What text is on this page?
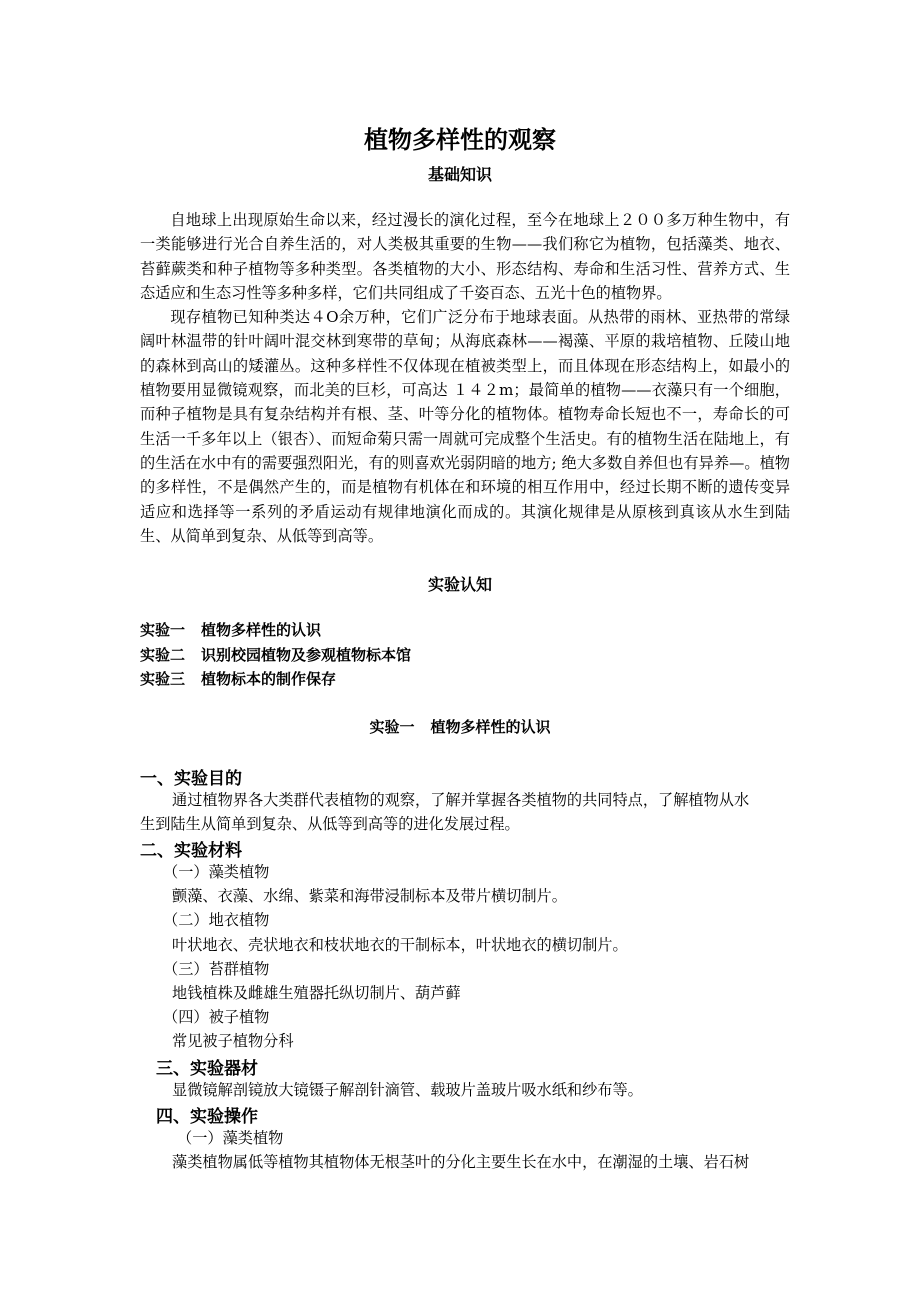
植物多样性的观察
基础知识

自地球上出现原始生命以来，经过漫长的演化过程，至今在地球上２００多万种生物中，有一类能够进行光合自养生活的，对人类极其重要的生物——我们称它为植物，包括藻类、地衣、苔藓蕨类和种子植物等多种类型。各类植物的大小、形态结构、寿命和生活习性、营养方式、生态适应和生态习性等多种多样，它们共同组成了千姿百态、五光十色的植物界。

现存植物已知种类达４O余万种，它们广泛分布于地球表面。从热带的雨林、亚热带的常绿阔叶林温带的针叶阔叶混交林到寒带的草甸；从海底森林——褐藻、平原的栽培植物、丘陵山地的森林到高山的矮灌丛。这种多样性不仅体现在植被类型上，而且体现在形态结构上，如最小的植物要用显微镜观察，而北美的巨杉，可高达 １４２m；最简单的植物——衣藻只有一个细胞，而种子植物是具有复杂结构并有根、茎、叶等分化的植物体。植物寿命长短也不一，寿命长的可生活一千多年以上（银杏）、而短命菊只需一周就可完成整个生活史。有的植物生活在陆地上，有的生活在水中有的需要强烈阳光，有的则喜欢光弱阴暗的地方; 绝大多数自养但也有异养—。植物的多样性，不是偶然产生的，而是植物有机体在和环境的相互作用中，经过长期不断的遗传变异适应和选择等一系列的矛盾运动有规律地演化而成的。其演化规律是从原核到真该从水生到陆生、从简单到复杂、从低等到高等。

实验认知
实验一 植物多样性的认识
实验二 识别校园植物及参观植物标本馆
实验三 植物标本的制作保存
实验一 植物多样性的认识
一、实验目的
通过植物界各大类群代表植物的观察，了解并掌握各类植物的共同特点，了解植物从水
生到陆生从简单到复杂、从低等到高等的进化发展过程。
二、实验材料
（一）藻类植物
颤藻、衣藻、水绵、紫菜和海带浸制标本及带片横切制片。
（二）地衣植物
叶状地衣、壳状地衣和枝状地衣的干制标本，叶状地衣的横切制片。
（三）苔群植物
地钱植株及雌雄生殖器托纵切制片、葫芦藓
（四）被子植物
常见被子植物分科
三、实验器材
显微镜解剖镜放大镜镊子解剖针滴管、载玻片盖玻片吸水纸和纱布等。
四、实验操作
（一）藻类植物
藻类植物属低等植物其植物体无根茎叶的分化主要生长在水中，在潮湿的土壤、岩石树
